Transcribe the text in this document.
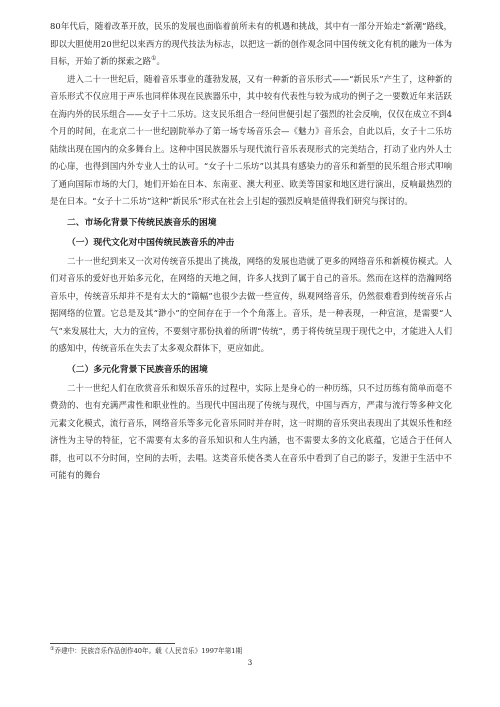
80年代后，随着改革开放，民乐的发展也面临着前所未有的机遇和挑战，其中有一部分开始走“新潮”路线，即以大胆使用20世纪以来西方的现代技法为标志，以把这一新的创作观念同中国传统文化有机的融为一体为目标，开始了新的探索之路①。

进入二十一世纪后，随着音乐事业的蓬勃发展，又有一种新的音乐形式——“新民乐”产生了，这种新的音乐形式不仅应用于声乐也同样体现在民族器乐中，其中较有代表性与较为成功的例子之一要数近年来活跃在海内外的民乐组合——女子十二乐坊。这支民乐组合一经问世便引起了强烈的社会反响，仅仅在成立不到4个月的时间，在北京二十一世纪剧院举办了第一场专场音乐会—《魅力》音乐会，自此以后，女子十二乐坊陆续出现在国内的众多舞台上。这种中国民族器乐与现代流行音乐表现形式的完美结合，打动了业内外人士的心扉，也得到国内外专业人士的认可。“女子十二乐坊”以其具有感染力的音乐和新型的民乐组合形式叩响了通向国际市场的大门，她们开始在日本、东南亚、澳大利亚、欧美等国家和地区进行演出，反响最热烈的是在日本。“女子十二乐坊”这种“新民乐”形式在社会上引起的强烈反响是值得我们研究与探讨的。

二、市场化背景下传统民族音乐的困境
（一）现代文化对中国传统民族音乐的冲击

二十一世纪到来又一次对传统音乐提出了挑战，网络的发展也造就了更多的网络音乐和新模仿模式。人们对音乐的爱好也开始多元化，在网络的天地之间，许多人找到了属于自己的音乐。然而在这样的浩瀚网络音乐中，传统音乐却并不是有太大的“篇幅”也很少去做一些宣传，纵观网络音乐，仍然很难看到传统音乐占据网络的位置。它总是及其“渺小”的空间存在于一个个角落上。音乐，是一种表现，一种宣渲，是需要“人气”来发展壮大，大力的宣传，不要刻守那份执着的所谓“传统”，勇于将传统呈现于现代之中，才能进入人们的感知中，传统音乐在失去了太多观众群体下，更应如此。

（二）多元化背景下民族音乐的困境

二十一世纪人们在欣赏音乐和娱乐音乐的过程中，实际上是身心的一种历练，只不过历练有简单而毫不费劲的、也有充满严肃性和职业性的。当现代中国出现了传统与现代，中国与西方，严肃与流行等多种文化元素文化模式，流行音乐，网络音乐等多元化音乐同时并存时，这一时期的音乐突出表现出了其娱乐性和经济性为主导的特征，它不需要有太多的音乐知识和人生内涵，也不需要太多的文化底蕴，它适合于任何人群，也可以不分时间，空间的去听，去唱。这类音乐使各类人在音乐中看到了自己的影子，发泄于生活中不可能有的舞台

①乔建中：民族音乐作品创作40年。载《人民音乐》1997年第1期
3
